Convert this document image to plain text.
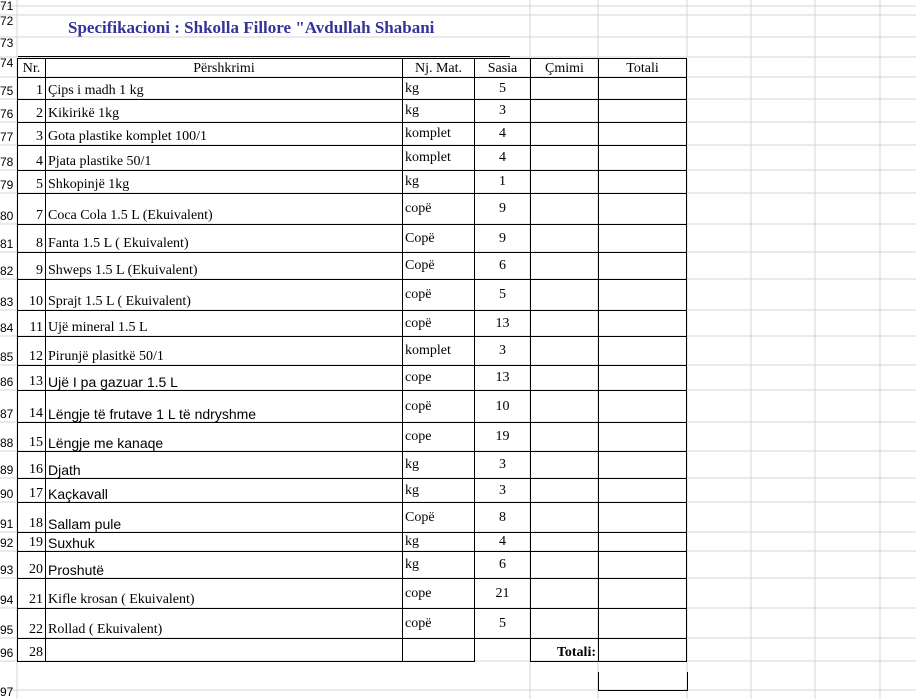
71
72
73
74
75
76
77
78
79
80
81
82
83
84
85
86
87
88
89
90
91
92
93
94
95
96
97
Specifikacioni : Shkolla Fillore "Avdullah Shabani
Nr.	Përshkrimi	Nj. Mat.	Sasia	Çmimi	Totali
1	Çips i madh 1 kg	kg	5		
2	Kikirikë 1kg	kg	3		
3	Gota plastike komplet 100/1	komplet	4		
4	Pjata plastike 50/1	komplet	4		
5	Shkopinjë 1kg	kg	1		
7	Coca Cola 1.5 L (Ekuivalent)	copë	9		
8	Fanta 1.5 L ( Ekuivalent)	Copë	9		
9	Shweps 1.5 L (Ekuivalent)	Copë	6		
10	Sprajt 1.5 L ( Ekuivalent)	copë	5		
11	Ujë mineral 1.5 L	copë	13		
12	Pirunjë plasitkë 50/1	komplet	3		
13	Ujë I pa gazuar 1.5 L	cope	13		
14	Lëngje të frutave 1 L të ndryshme	copë	10		
15	Lëngje me kanaqe	cope	19		
16	Djath	kg	3		
17	Kaçkavall	kg	3		
18	Sallam pule	Copë	8		
19	Suxhuk	kg	4		
20	Proshutë	kg	6		
21	Kifle krosan ( Ekuivalent)	cope	21		
22	Rollad ( Ekuivalent)	copë	5		
28				Totali:	
